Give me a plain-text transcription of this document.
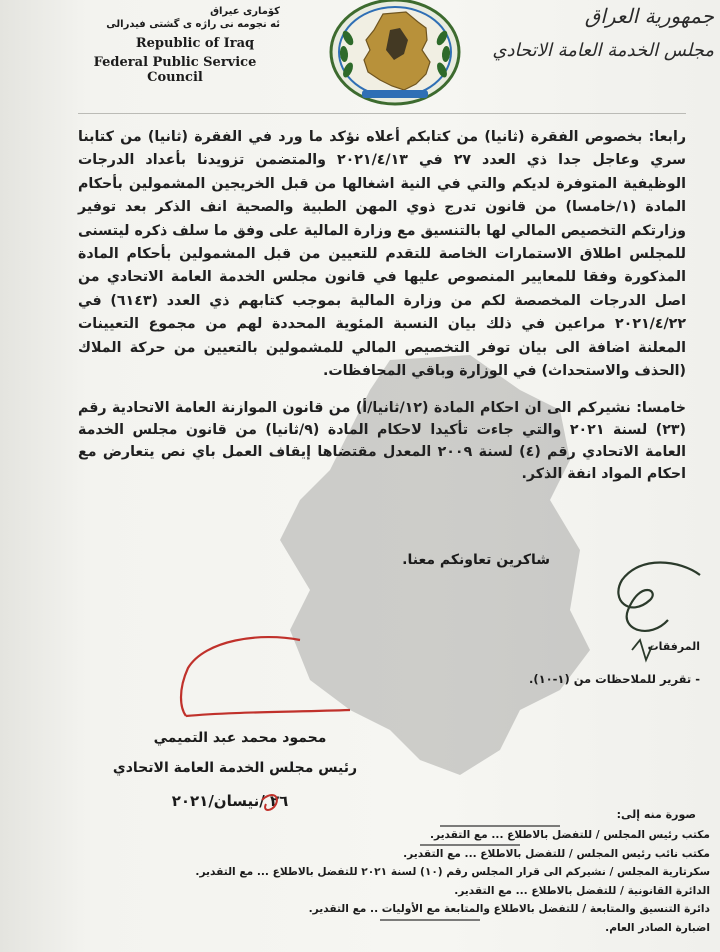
کۆماری عیراق
ئه نجومه نی راژه ی گشتی فیدرالی
Republic of Iraq
Federal Public Service Council
جمهورية العراق
مجلس الخدمة العامة الاتحادي

رابعا: بخصوص الفقرة (ثانيا) من كتابكم أعلاه نؤكد ما ورد في الفقرة (ثانيا) من كتابنا سري وعاجل جدا ذي العدد ٢٧ في ٢٠٢١/٤/١٣ والمتضمن تزويدنا بأعداد الدرجات الوظيفية المتوفرة لديكم والتي في النية اشغالها من قبل الخريجين المشمولين بأحكام المادة (١/خامسا) من قانون تدرج ذوي المهن الطبية والصحية انف الذكر بعد توفير وزارتكم التخصيص المالي لها بالتنسيق مع وزارة المالية على وفق ما سلف ذكره ليتسنى للمجلس اطلاق الاستمارات الخاصة للتقدم للتعيين من قبل المشمولين بأحكام المادة المذكورة وفقا للمعايير المنصوص عليها في قانون مجلس الخدمة العامة الاتحادي من اصل الدرجات المخصصة لكم من وزارة المالية بموجب كتابهم ذي العدد (٦١٤٣) في ٢٠٢١/٤/٢٢ مراعين في ذلك بيان النسبة المئوية المحددة لهم من مجموع التعيينات المعلنة اضافة الى بيان توفر التخصيص المالي للمشمولين بالتعيين من حركة الملاك (الحذف والاستحداث) في الوزارة وباقي المحافظات.

خامسا: نشيركم الى ان احكام المادة (١٢/ثانيا/أ) من قانون الموازنة العامة الاتحادية رقم (٢٣) لسنة ٢٠٢١ والتي جاءت تأكيدا لاحكام المادة (٩/ثانيا) من قانون مجلس الخدمة العامة الاتحادي رقم (٤) لسنة ٢٠٠٩ المعدل مقتضاها إيقاف العمل باي نص يتعارض مع احكام المواد انفة الذكر.

شاكرين تعاونكم معنا.
المرفقات
- تقرير للملاحظات من (١-١٠).
محمود محمد عبد التميمي
رئيس مجلس الخدمة العامة الاتحادي
٢٦ /نيسان/٢٠٢١
صورة منه إلى:
مكتب رئيس المجلس / للتفضل بالاطلاع ... مع التقدير.
مكتب نائب رئيس المجلس / للتفضل بالاطلاع ... مع التقدير.
سكرتارية المجلس / نشيركم الى قرار المجلس رقم (١٠) لسنة ٢٠٢١ للتفضل بالاطلاع ... مع التقدير.
الدائرة القانونية / للتفضل بالاطلاع ... مع التقدير.
دائرة التنسيق والمتابعة / للتفضل بالاطلاع والمتابعة مع الأوليات .. مع التقدير.
اضبارة الصادر العام.
